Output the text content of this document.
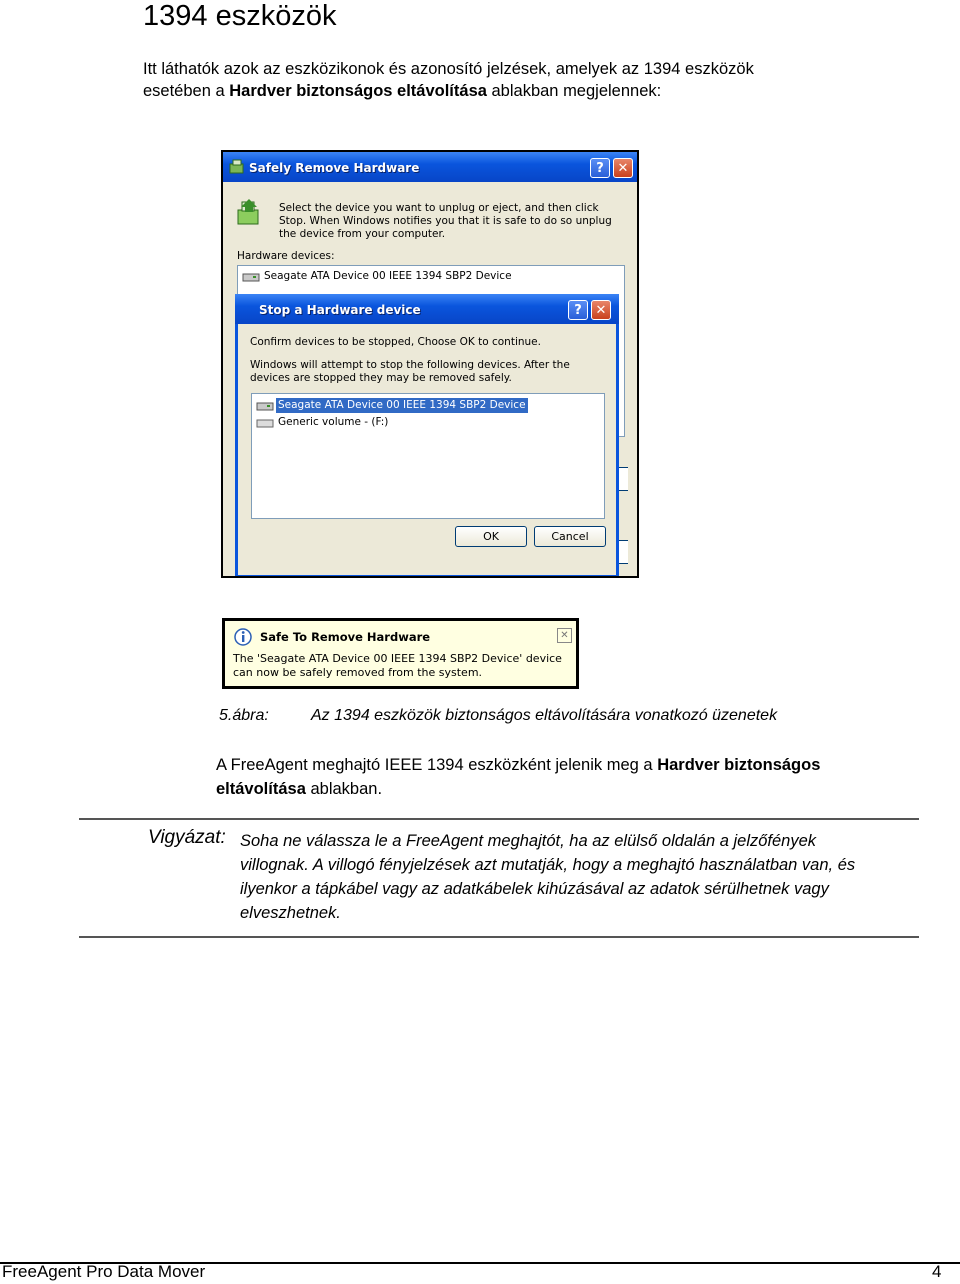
1394 eszközök
Itt láthatók azok az eszközikonok és azonosító jelzések, amelyek az 1394 eszközök
esetében a Hardver biztonságos eltávolítása ablakban megjelennek:
Safely Remove Hardware	?	✕
Select the device you want to unplug or eject, and then click Stop. When Windows notifies you that it is safe to do so unplug the device from your computer.
Hardware devices:
Seagate ATA Device 00 IEEE 1394 SBP2 Device
Stop a Hardware device	?	✕
Confirm devices to be stopped, Choose OK to continue.
Windows will attempt to stop the following devices. After the devices are stopped they may be removed safely.
Seagate ATA Device 00 IEEE 1394 SBP2 Device
Generic volume - (F:)
OK	Cancel
Safe To Remove Hardware	✕
The 'Seagate ATA Device 00 IEEE 1394 SBP2 Device' device can now be safely removed from the system.
5.ábra:	Az 1394 eszközök biztonságos eltávolítására vonatkozó üzenetek
A FreeAgent meghajtó IEEE 1394 eszközként jelenik meg a Hardver biztonságos eltávolítása ablakban.
Vigyázat: Soha ne válassza le a FreeAgent meghajtót, ha az elülső oldalán a jelzőfények villognak. A villogó fényjelzések azt mutatják, hogy a meghajtó használatban van, és ilyenkor a tápkábel vagy az adatkábelek kihúzásával az adatok sérülhetnek vagy elveszhetnek.
FreeAgent Pro Data Mover	4
